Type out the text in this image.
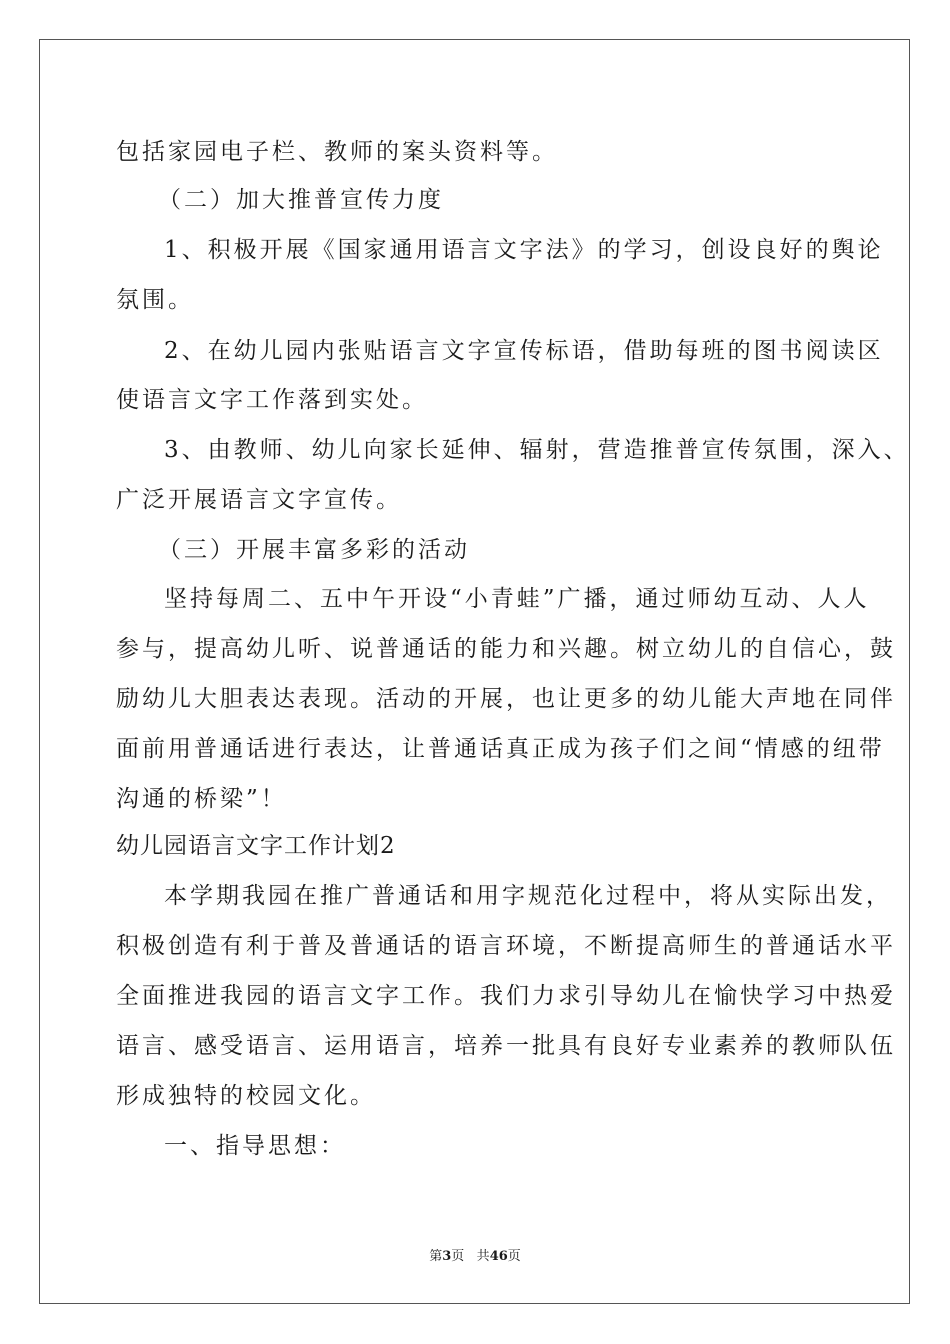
包括家园电子栏、教师的案头资料等。
（二）加大推普宣传力度
1、积极开展《国家通用语言文字法》的学习，创设良好的舆论
氛围。
2、在幼儿园内张贴语言文字宣传标语，借助每班的图书阅读区
使语言文字工作落到实处。
3、由教师、幼儿向家长延伸、辐射，营造推普宣传氛围，深入、
广泛开展语言文字宣传。
（三）开展丰富多彩的活动
坚持每周二、五中午开设“小青蛙”广播，通过师幼互动、人人
参与，提高幼儿听、说普通话的能力和兴趣。树立幼儿的自信心，鼓
励幼儿大胆表达表现。活动的开展，也让更多的幼儿能大声地在同伴
面前用普通话进行表达，让普通话真正成为孩子们之间“情感的纽带
沟通的桥梁”！
幼儿园语言文字工作计划2
本学期我园在推广普通话和用字规范化过程中，将从实际出发，
积极创造有利于普及普通话的语言环境，不断提高师生的普通话水平
全面推进我园的语言文字工作。我们力求引导幼儿在愉快学习中热爱
语言、感受语言、运用语言，培养一批具有良好专业素养的教师队伍
形成独特的校园文化。
一、指导思想：
第3页 共46页
